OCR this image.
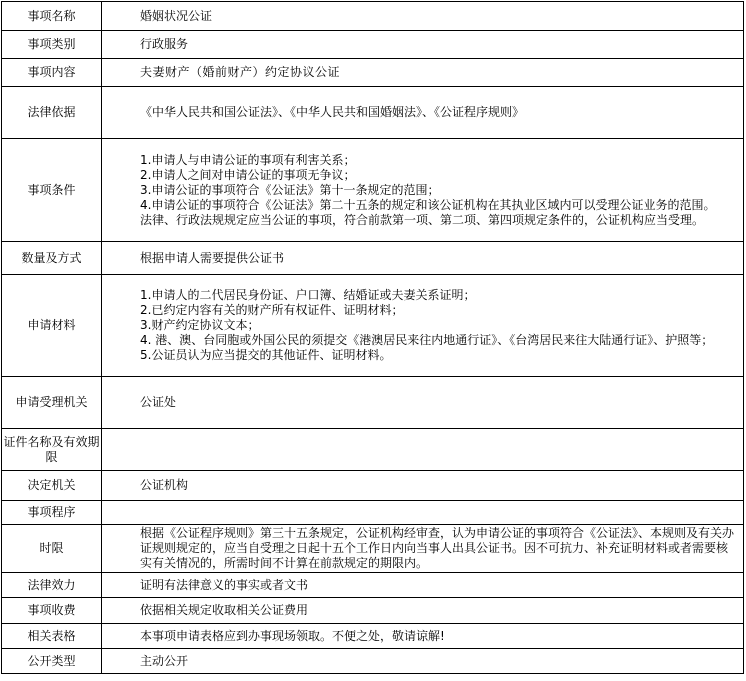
事项名称	婚姻状况公证
事项类别	行政服务
事项内容	夫妻财产（婚前财产）约定协议公证
法律依据	《中华人民共和国公证法》、《中华人民共和国婚姻法》、《公证程序规则》
事项条件	1.申请人与申请公证的事项有利害关系；
2.申请人之间对申请公证的事项无争议；
3.申请公证的事项符合《公证法》第十一条规定的范围；
4.申请公证的事项符合《公证法》第二十五条的规定和该公证机构在其执业区域内可以受理公证业务的范围。
法律、行政法规规定应当公证的事项，符合前款第一项、第二项、第四项规定条件的，公证机构应当受理。

数量及方式	根据申请人需要提供公证书
申请材料	1.申请人的二代居民身份证、户口簿、结婚证或夫妻关系证明；
2.已约定内容有关的财产所有权证件、证明材料；
3.财产约定协议文本；
4. 港、澳、台同胞或外国公民的须提交《港澳居民来往内地通行证》、《台湾居民来往大陆通行证》、护照等；
5.公证员认为应当提交的其他证件、证明材料。

申请受理机关	公证处
证件名称及有效期限	
决定机关	公证机构
事项程序	
时限	根据《公证程序规则》第三十五条规定，公证机构经审查，认为申请公证的事项符合《公证法》、本规则及有关办证规则规定的，应当自受理之日起十五个工作日内向当事人出具公证书。因不可抗力、补充证明材料或者需要核实有关情况的，所需时间不计算在前款规定的期限内。
法律效力	证明有法律意义的事实或者文书
事项收费	依据相关规定收取相关公证费用
相关表格	本事项申请表格应到办事现场领取。不便之处，敬请谅解!
公开类型	主动公开
